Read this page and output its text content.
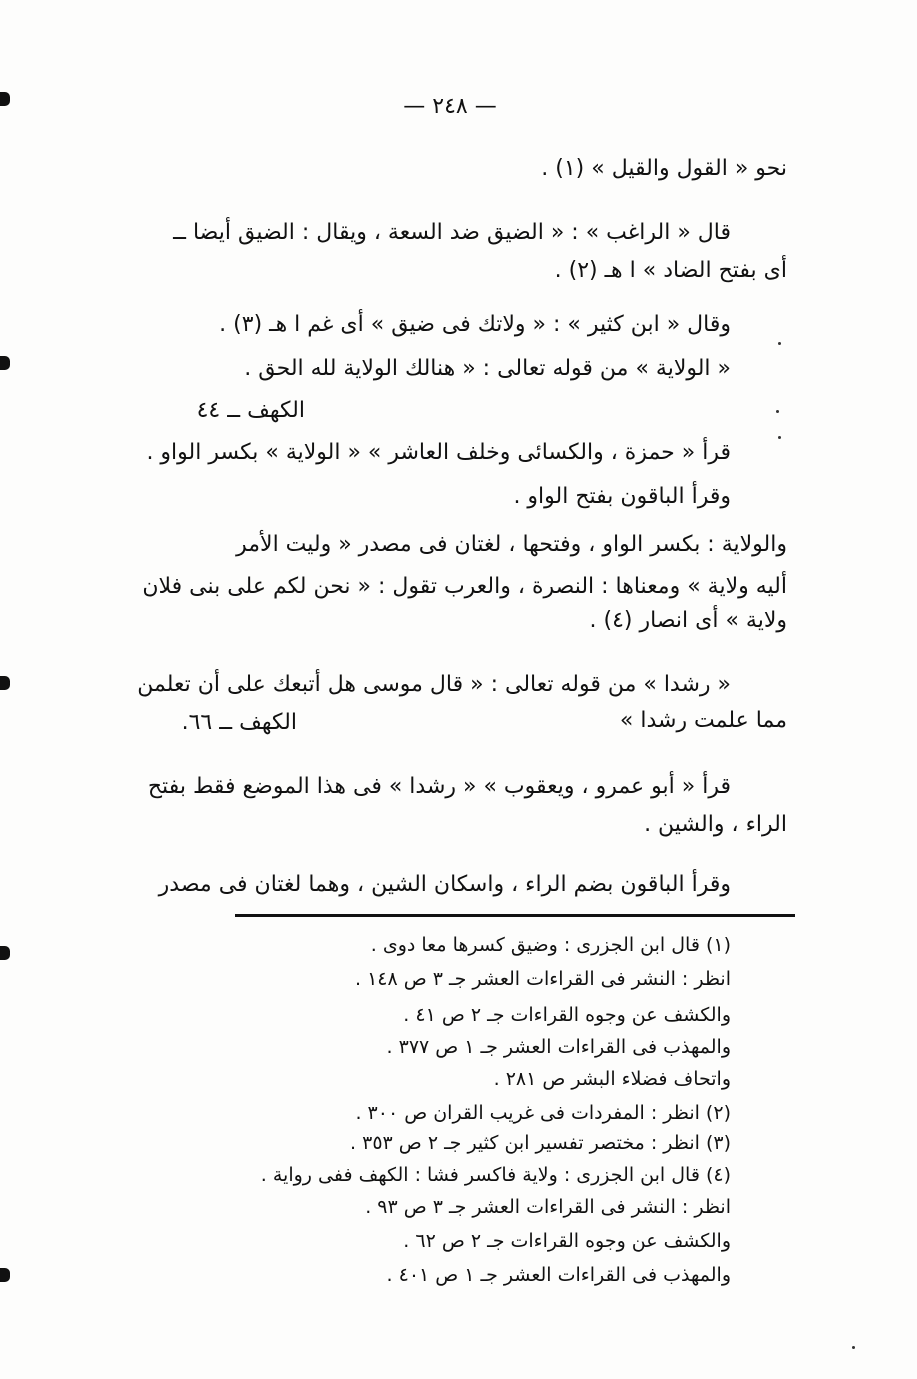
— ٢٤٨ —
نحو « القول والقيل » (١) .
قال « الراغب » : « الضيق ضد السعة ، ويقال : الضيق أيضا ــ
أى بفتح الضاد » ا هـ (٢) .
وقال « ابن كثير » : « ولاتك فى ضيق » أى غم ا هـ (٣) .
« الولاية » من قوله تعالى : « هنالك الولاية لله الحق .
الكهف ــ ٤٤
قرأ « حمزة ، والكسائى وخلف العاشر » « الولاية » بكسر الواو .
وقرأ الباقون بفتح الواو .
والولاية : بكسر الواو ، وفتحها ، لغتان فى مصدر « وليت الأمر
أليه ولاية » ومعناها : النصرة ، والعرب تقول : « نحن لكم على بنى فلان
ولاية » أى انصار (٤) .
« رشدا » من قوله تعالى : « قال موسى هل أتبعك على أن تعلمن
مما علمت رشدا »
الكهف ــ ٦٦.
قرأ « أبو عمرو ، ويعقوب » « رشدا » فى هذا الموضع فقط بفتح
الراء ، والشين .
وقرأ الباقون بضم الراء ، واسكان الشين ، وهما لغتان فى مصدر
(١) قال ابن الجزرى : وضيق كسرها معا دوى .
انظر : النشر فى القراءات العشر جـ ٣ ص ١٤٨ .
والكشف عن وجوه القراءات جـ ٢ ص ٤١ .
والمهذب فى القراءات العشر جـ ١ ص ٣٧٧ .
واتحاف فضلاء البشر ص ٢٨١ .
(٢) انظر : المفردات فى غريب القران ص ٣٠٠ .
(٣) انظر : مختصر تفسير ابن كثير جـ ٢ ص ٣٥٣ .
(٤) قال ابن الجزرى : ولاية فاكسر فشا : الكهف ففى رواية .
انظر : النشر فى القراءات العشر جـ ٣ ص ٩٣ .
والكشف عن وجوه القراءات جـ ٢ ص ٦٢ .
والمهذب فى القراءات العشر جـ ١ ص ٤٠١ .
